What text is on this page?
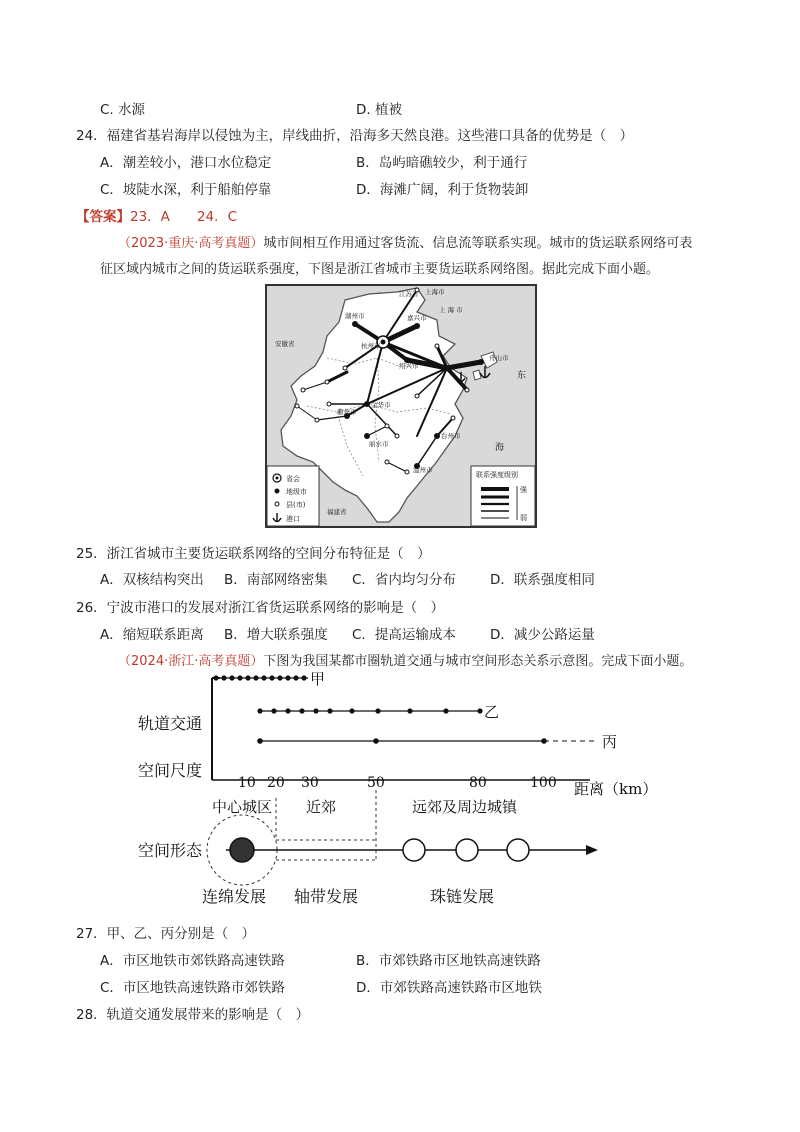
C. 水源	D. 植被
24．福建省基岩海岸以侵蚀为主，岸线曲折，沿海多天然良港。这些港口具备的优势是（　）
A．潮差较小，港口水位稳定	B．岛屿暗礁较少，利于通行
C．坡陡水深，利于船舶停靠	D．海滩广阔，利于货物装卸
【答案】23．A　　24．C
（2023·重庆·高考真题）城市间相互作用通过客货流、信息流等联系实现。城市的货运联系网络可表
征区域内城市之间的货运联系强度，下图是浙江省城市主要货运联系网络图。据此完成下面小题。
江苏省 上海市
上 海 市
安徽省
湖州市	嘉兴市
杭州市
绍兴市
舟山市
金华市
衢州市
丽水市
台州市
温州市
福建省
东
海
省会
地级市
县(市)
港口
联系强度级别
强
弱
25．浙江省城市主要货运联系网络的空间分布特征是（　）
A．双核结构突出 B．南部网络密集 C．省内均匀分布	D．联系强度相同
26．宁波市港口的发展对浙江省货运联系网络的影响是（　）
A．缩短联系距离 B．增大联系强度 C．提高运输成本	D．减少公路运量
（2024·浙江·高考真题）下图为我国某都市圈轨道交通与城市空间形态关系示意图。完成下面小题。
甲
乙
丙
轨道交通
空间尺度
空间形态
10 20 30	50	80	100 距离（km）
中心城区 近郊	远郊及周边城镇
连绵发展 轴带发展	珠链发展
27．甲、乙、丙分别是（　）
A．市区地铁市郊铁路高速铁路	B．市郊铁路市区地铁高速铁路
C．市区地铁高速铁路市郊铁路	D．市郊铁路高速铁路市区地铁
28．轨道交通发展带来的影响是（　）
